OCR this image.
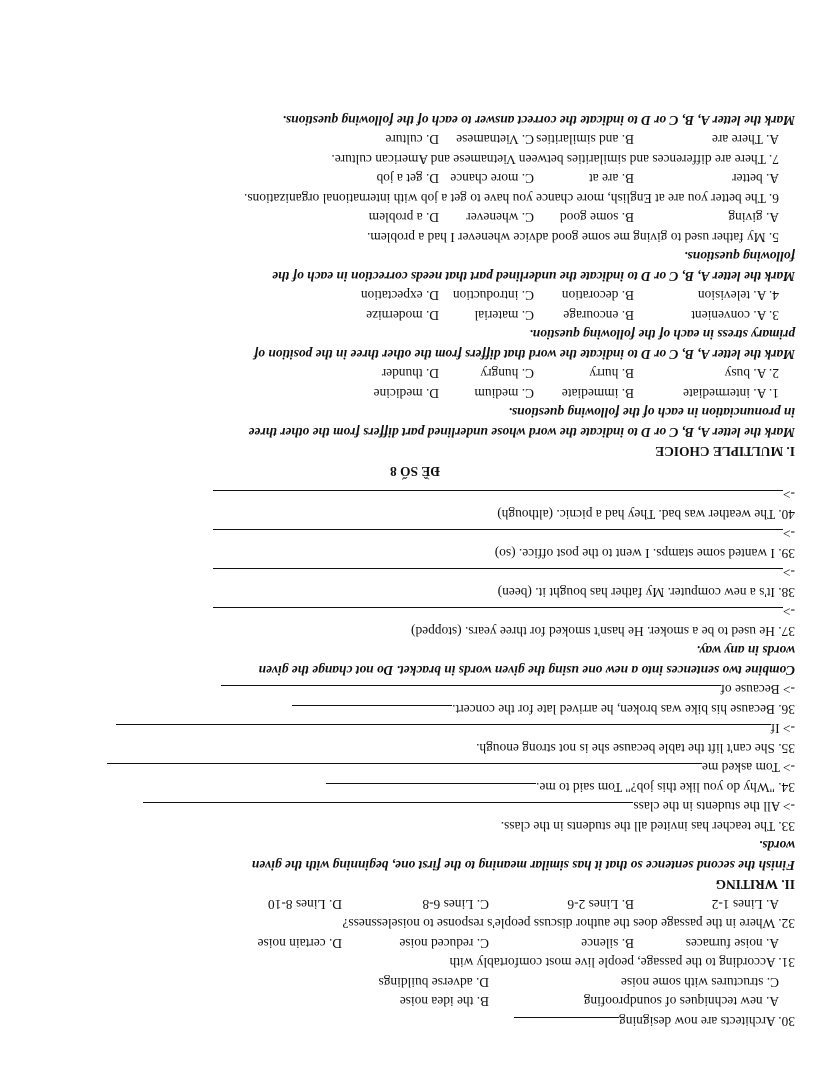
30. Architects are now designing
A. new techniques of soundproofing
B. the idea noise
C. structures with some noise
D. adverse buildings
31. According to the passage, people live most comfortably with
A. noise furnaces
B. silence
C. reduced noise
D. certain noise
32. Where in the passage does the author discuss people's response to noiselessness?
A. Lines 1-2
B. Lines 2-6
C. Lines 6-8
D. Lines 8-10
II. WRITING
Finish the second sentence so that it has similar meaning to the first one, beginning with the given
words.
33. The teacher has invited all the students in the class.
-> All the students in the class
34. "Why do you like this job?" Tom said to me.
-> Tom asked me
35. She can't lift the table because she is not strong enough.
-> If
36. Because his bike was broken, he arrived late for the concert.
-> Because of
Combine two sentences into a new one using the given words in bracket. Do not change the given
words in any way.
37. He used to be a smoker. He hasn't smoked for three years. (stopped)
->
38. It's a new computer. My father has bought it. (been)
->
39. I wanted some stamps. I went to the post office. (so)
->
40. The weather was bad. They had a picnic. (although)
->
ĐỀ SỐ 8
I. MULTIPLE CHOICE
Mark the letter A, B, C or D to indicate the word whose underlined part differs from the other three
in pronunciation in each of the following questions.
1. A. intermediate
B. immediate
C. medium
D. medicine
2. A. busy
B. hurry
C. hungry
D. thunder
Mark the letter A, B, C or D to indicate the word that differs from the other three in the position of
primary stress in each of the following question.
3. A. convenient
B. encourage
C. material
D. modernize
4. A. television
B. decoration
C. introduction
D. expectation
Mark the letter A, B, C or D to indicate the underlined part that needs correction in each of the
following questions.
5. My father used to giving me some good advice whenever I had a problem.
A. giving
B. some good
C. whenever
D. a problem
6. The better you are at English, more chance you have to get a job with international organizations.
A. better
B. are at
C. more chance
D. get a job
7. There are differences and similarities between Vietnamese and American culture.
A. There are
B. and similarities
C. Vietnamese
D. culture
Mark the letter A, B, C or D to indicate the correct answer to each of the following questions.
